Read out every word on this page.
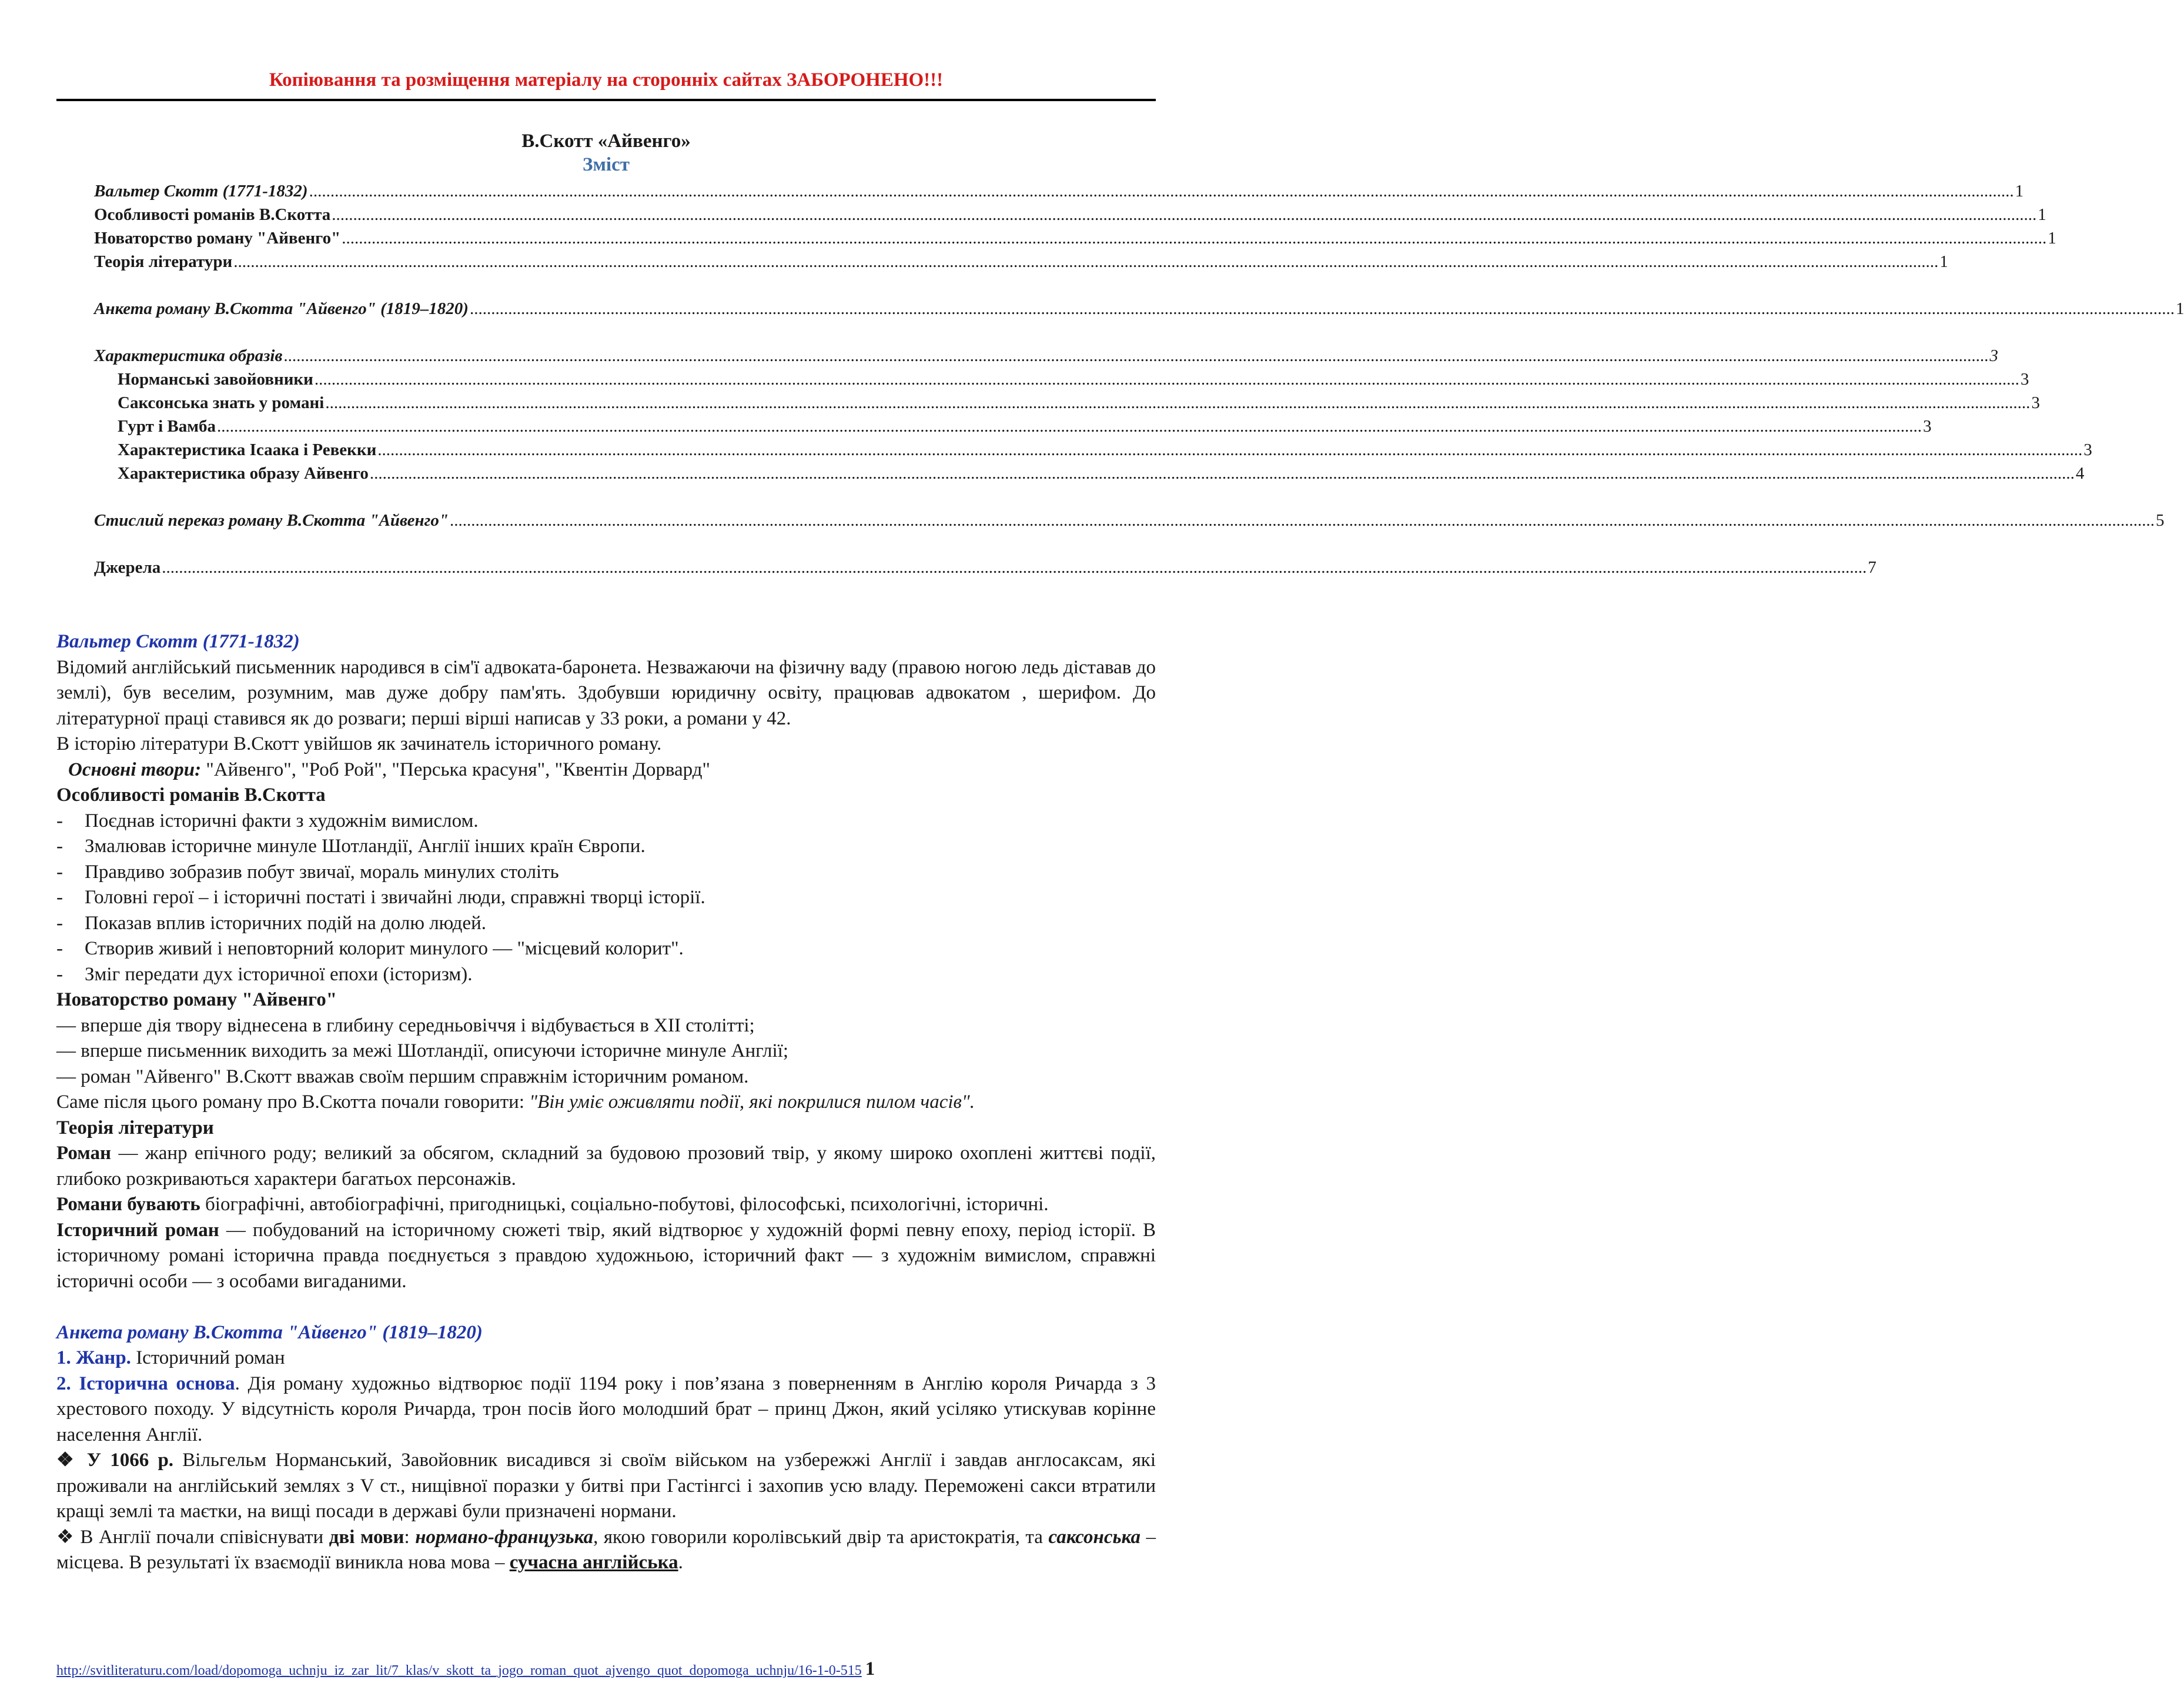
Копіювання та розміщення матеріалу на сторонніх сайтах ЗАБОРОНЕНО!!!
В.Скотт «Айвенго»
Зміст
Вальтер Скотт (1771-1832) ................................................................................................................................................................................................................................................................................................................................................................................................................ 1
Особливості романів В.Скотта ................................................................................................................................................................................................................................................................................................................................................................................................................ 1
Новаторство роману "Айвенго" ................................................................................................................................................................................................................................................................................................................................................................................................................ 1
Теорія літератури ................................................................................................................................................................................................................................................................................................................................................................................................................ 1
Анкета роману В.Скотта "Айвенго" (1819–1820) ................................................................................................................................................................................................................................................................................................................................................................................................................ 1
Характеристика образів ................................................................................................................................................................................................................................................................................................................................................................................................................ 3
Норманські завойовники ................................................................................................................................................................................................................................................................................................................................................................................................................ 3
Саксонська знать у романі ................................................................................................................................................................................................................................................................................................................................................................................................................ 3
Гурт і Вамба ................................................................................................................................................................................................................................................................................................................................................................................................................ 3
Характеристика Ісаака і Ревекки ................................................................................................................................................................................................................................................................................................................................................................................................................ 3
Характеристика образу Айвенго ................................................................................................................................................................................................................................................................................................................................................................................................................ 4
Стислий переказ роману В.Скотта "Айвенго" ................................................................................................................................................................................................................................................................................................................................................................................................................ 5
Джерела ................................................................................................................................................................................................................................................................................................................................................................................................................ 7

Вальтер Скотт (1771-1832)

Відомий англійський письменник народився в сім'ї адвоката-баронета. Незважаючи на фізичну ваду (правою ногою ледь діставав до землі), був веселим, розумним, мав дуже добру пам'ять. Здобувши юридичну освіту, працював адвокатом , шерифом. До літературної праці ставився як до розваги; перші вірші написав у 33 роки, а романи у 42.

В історію літератури В.Скотт увійшов як зачинатель історичного роману.

Основні твори: "Айвенго", "Роб Рой", "Перська красуня", "Квентін Дорвард"

Особливості романів В.Скотта

-	Поєднав історичні факти з художнім вимислом.
-	Змалював історичне минуле Шотландії, Англії інших країн Європи.
-	Правдиво зобразив побут звичаї, мораль минулих століть
-	Головні герої – і історичні постаті і звичайні люди, справжні творці історії.
-	Показав вплив історичних подій на долю людей.
-	Створив живий і неповторний колорит минулого — "місцевий колорит".
-	Зміг передати дух історичної епохи (історизм).

Новаторство роману "Айвенго"

— вперше дія твору віднесена в глибину середньовіччя і відбувається в XII столітті;

— вперше письменник виходить за межі Шотландії, описуючи історичне минуле Англії;

— роман "Айвенго" В.Скотт вважав своїм першим справжнім історичним романом.

Саме після цього роману про В.Скотта почали говорити: "Він уміє оживляти події, які покрилися пилом часів".

Теорія літератури

Роман — жанр епічного роду; великий за обсягом, складний за будовою прозовий твір, у якому широко охоплені життєві події, глибоко розкриваються характери багатьох персонажів.

Романи бувають біографічні, автобіографічні, пригодницькі, соціально-побутові, філософські, психологічні, історичні.

Історичний роман — побудований на історичному сюжеті твір, який відтворює у художній формі певну епоху, період історії. В історичному романі історична правда поєднується з правдою художньою, історичний факт — з художнім вимислом, справжні історичні особи — з особами вигаданими.

Анкета роману В.Скотта "Айвенго" (1819–1820)

1. Жанр. Історичний роман

2. Історична основа. Дія роману художньо відтворює події 1194 року і пов’язана з поверненням в Англію короля Ричарда з 3 хрестового походу. У відсутність короля Ричарда, трон посів його молодший брат – принц Джон, який усіляко утискував корінне населення Англії.

❖ У 1066 р. Вільгельм Норманський, Завойовник висадився зі своїм військом на узбережжі Англії і завдав англосаксам, які проживали на англійський землях з V ст., нищівної поразки у битві при Гастінгсі і захопив усю владу. Переможені сакси втратили кращі землі та маєтки, на вищі посади в державі були призначені нормани.

❖ В Англії почали співіснувати дві мови: нормано-французька, якою говорили королівський двір та аристократія, та саксонська – місцева. В результаті їх взаємодії виникла нова мова – сучасна англійська.

http://svitliteraturu.com/load/dopomoga_uchnju_iz_zar_lit/7_klas/v_skott_ta_jogo_roman_quot_ajvengo_quot_dopomoga_uchnju/16-1-0-515 1
